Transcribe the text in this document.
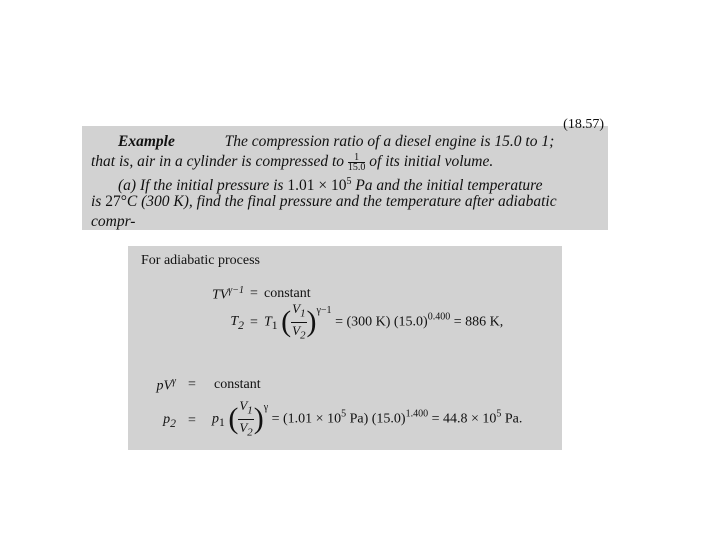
(18.57)
Example	The compression ratio of a diesel engine is 15.0 to 1;
that is, air in a cylinder is compressed to $\frac{1}{15.0}$ of its initial volume.
(a) If the initial pressure is $1.01 \times 10^5$ Pa and the initial temperature
is 27°C (300 K), find the final pressure and the temperature after adiabatic
compr-
For adiabatic process
$TV^{\gamma-1}$ = constant
$T_2 = T_1$ ( $\frac{V_1}{V_2} )^{\gamma-1} = (300$ K) $(15.0)^{0.400} = 886$ K,
$pV^\gamma$ = constant
$p_2 = p_1$ ( $\frac{V_1}{V_2} )^\gamma = (1.01 \times 10^5$ Pa) $(15.0)^{1.400} = 44.8 \times 10^5$ Pa.
